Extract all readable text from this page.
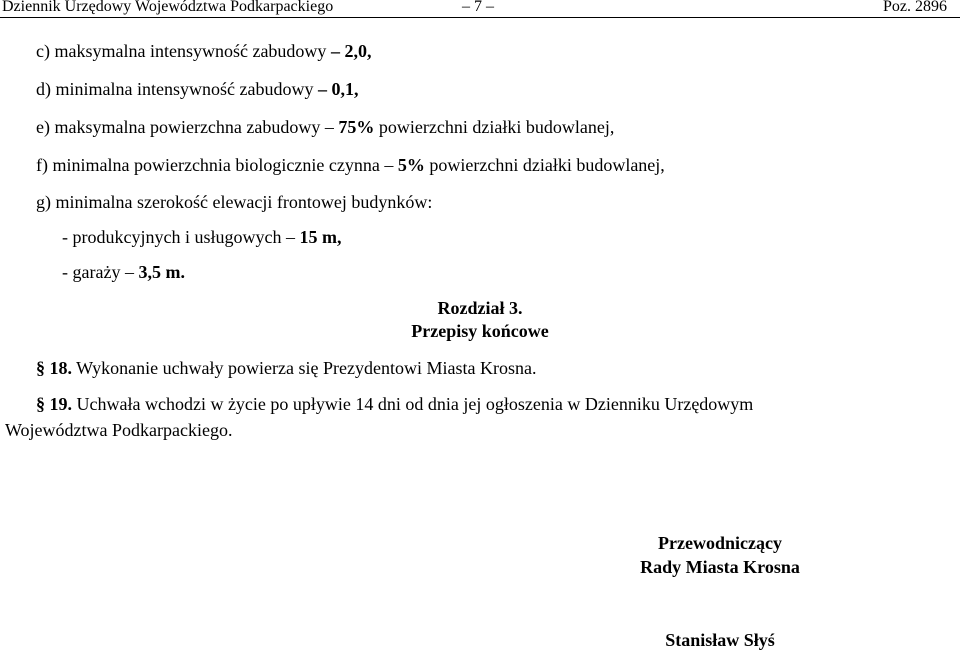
Dziennik Urzędowy Województwa Podkarpackiego	– 7 –	Poz. 2896
c) maksymalna intensywność zabudowy – 2,0,
d) minimalna intensywność zabudowy – 0,1,
e) maksymalna powierzchna zabudowy – 75% powierzchni działki budowlanej,
f) minimalna powierzchnia biologicznie czynna – 5% powierzchni działki budowlanej,
g) minimalna szerokość elewacji frontowej budynków:
- produkcyjnych i usługowych – 15 m,
- garaży – 3,5 m.
Rozdział 3.
Przepisy końcowe
§ 18. Wykonanie uchwały powierza się Prezydentowi Miasta Krosna.
§ 19. Uchwała wchodzi w życie po upływie 14 dni od dnia jej ogłoszenia w Dzienniku Urzędowym
Województwa Podkarpackiego.
Przewodniczący
Rady Miasta Krosna
Stanisław Słyś
